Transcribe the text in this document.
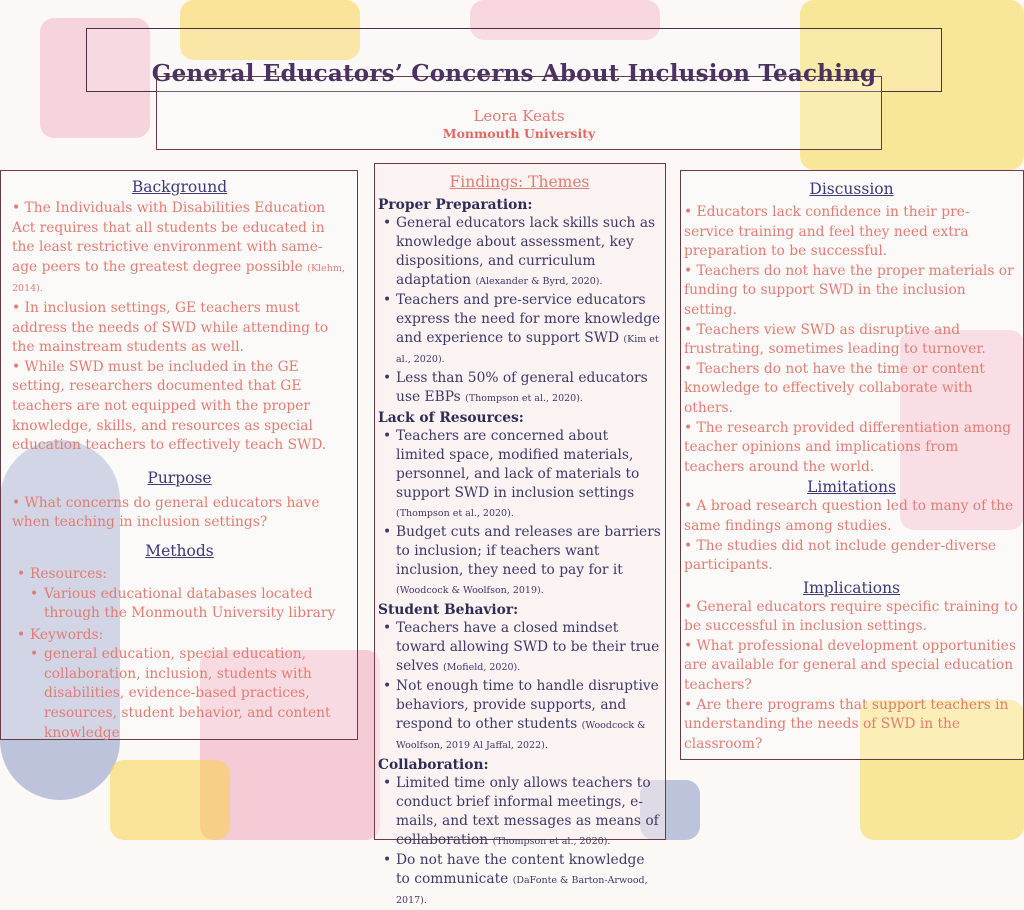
General Educators’ Concerns About Inclusion Teaching
Leora Keats
Monmouth University
Background
• The Individuals with Disabilities Education Act requires that all students be educated in the least restrictive environment with same-age peers to the greatest degree possible (Klehm, 2014).
• In inclusion settings, GE teachers must address the needs of SWD while attending to the mainstream students as well.
• While SWD must be included in the GE setting, researchers documented that GE teachers are not equipped with the proper knowledge, skills, and resources as special education teachers to effectively teach SWD.
Purpose
• What concerns do general educators have when teaching in inclusion settings?
Methods
• Resources:
• Various educational databases located through the Monmouth University library
• Keywords:
• general education, special education, collaboration, inclusion, students with disabilities, evidence-based practices, resources, student behavior, and content knowledge
Findings: Themes
Proper Preparation:
• General educators lack skills such as knowledge about assessment, key dispositions, and curriculum adaptation (Alexander & Byrd, 2020).
• Teachers and pre-service educators express the need for more knowledge and experience to support SWD (Kim et al., 2020).
• Less than 50% of general educators use EBPs (Thompson et al., 2020).
Lack of Resources:
• Teachers are concerned about limited space, modified materials, personnel, and lack of materials to support SWD in inclusion settings (Thompson et al., 2020).
• Budget cuts and releases are barriers to inclusion; if teachers want inclusion, they need to pay for it (Woodcock & Woolfson, 2019).
Student Behavior:
• Teachers have a closed mindset toward allowing SWD to be their true selves (Mofield, 2020).
• Not enough time to handle disruptive behaviors, provide supports, and respond to other students (Woodcock & Woolfson, 2019 Al Jaffal, 2022).
Collaboration:
• Limited time only allows teachers to conduct brief informal meetings, e-mails, and text messages as means of collaboration (Thompson et al., 2020).
• Do not have the content knowledge to communicate (DaFonte & Barton-Arwood, 2017).
Discussion
• Educators lack confidence in their pre-service training and feel they need extra preparation to be successful.
• Teachers do not have the proper materials or funding to support SWD in the inclusion setting.
• Teachers view SWD as disruptive and frustrating, sometimes leading to turnover.
• Teachers do not have the time or content knowledge to effectively collaborate with others.
• The research provided differentiation among teacher opinions and implications from teachers around the world.
Limitations
• A broad research question led to many of the same findings among studies.
• The studies did not include gender-diverse participants.
Implications
• General educators require specific training to be successful in inclusion settings.
• What professional development opportunities are available for general and special education teachers?
• Are there programs that support teachers in understanding the needs of SWD in the classroom?
